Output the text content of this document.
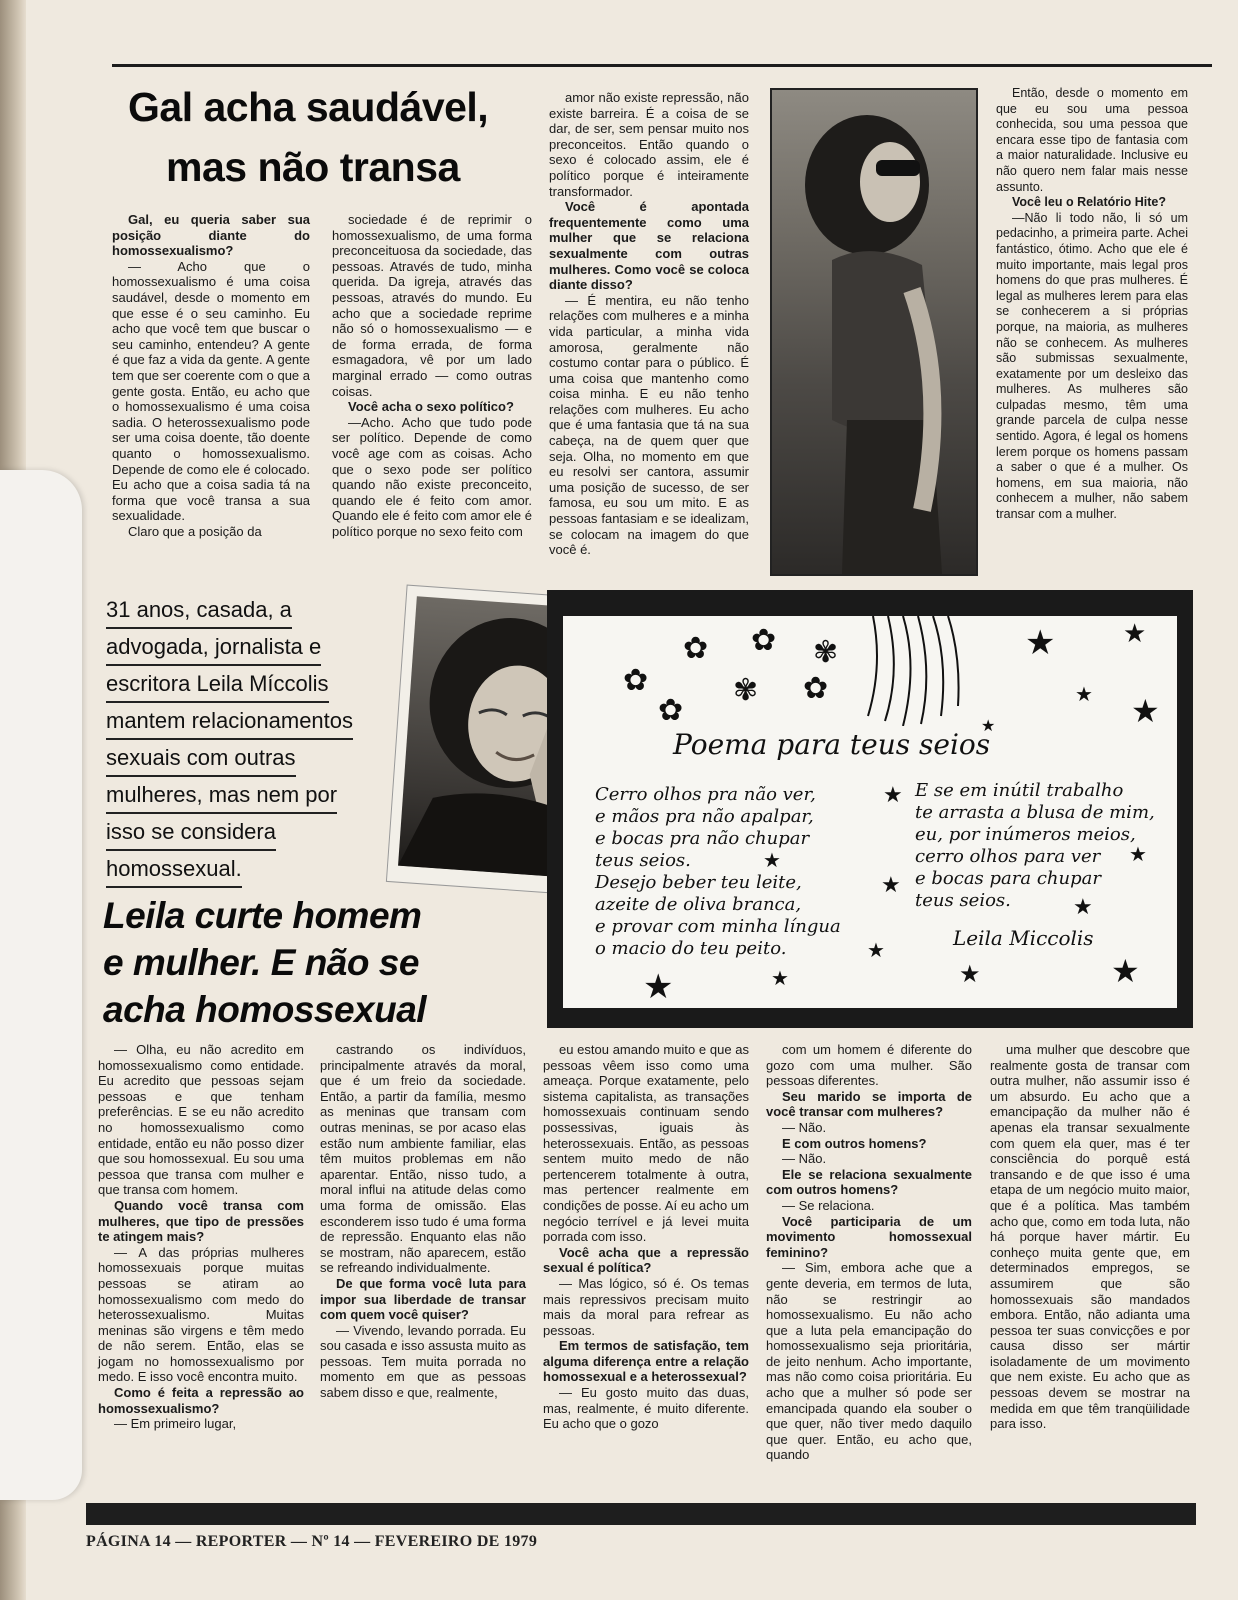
Gal acha saudável,
mas não transa

Gal, eu queria saber sua posição diante do homossexualismo?

— Acho que o homossexualismo é uma coisa saudável, desde o momento em que esse é o seu caminho. Eu acho que você tem que buscar o seu caminho, entendeu? A gente é que faz a vida da gente. A gente tem que ser coerente com o que a gente gosta. Então, eu acho que o homossexualismo é uma coisa sadia. O heterossexualismo pode ser uma coisa doente, tão doente quanto o homossexualismo. Depende de como ele é colocado. Eu acho que a coisa sadia tá na forma que você transa a sua sexualidade.

Claro que a posição da

sociedade é de reprimir o homossexualismo, de uma forma preconceituosa da sociedade, das pessoas. Através de tudo, minha querida. Da igreja, através das pessoas, através do mundo. Eu acho que a sociedade reprime não só o homossexualismo — e de forma errada, de forma esmagadora, vê por um lado marginal errado — como outras coisas.

Você acha o sexo político?

—Acho. Acho que tudo pode ser político. Depende de como você age com as coisas. Acho que o sexo pode ser político quando não existe preconceito, quando ele é feito com amor. Quando ele é feito com amor ele é político porque no sexo feito com

amor não existe repressão, não existe barreira. É a coisa de se dar, de ser, sem pensar muito nos preconceitos. Então quando o sexo é colocado assim, ele é político porque é inteiramente transformador.

Você é apontada frequentemente como uma mulher que se relaciona sexualmente com outras mulheres. Como você se coloca diante disso?

— É mentira, eu não tenho relações com mulheres e a minha vida particular, a minha vida amorosa, geralmente não costumo contar para o público. É uma coisa que mantenho como coisa minha. E eu não tenho relações com mulheres. Eu acho que é uma fantasia que tá na sua cabeça, na de quem quer que seja. Olha, no momento em que eu resolvi ser cantora, assumir uma posição de sucesso, de ser famosa, eu sou um mito. E as pessoas fantasiam e se idealizam, se colocam na imagem do que você é.

Então, desde o momento em que eu sou uma pessoa conhecida, sou uma pessoa que encara esse tipo de fantasia com a maior naturalidade. Inclusive eu não quero nem falar mais nesse assunto.

Você leu o Relatório Hite?

—Não li todo não, li só um pedacinho, a primeira parte. Achei fantástico, ótimo. Acho que ele é muito importante, mais legal pros homens do que pras mulheres. É legal as mulheres lerem para elas se conhecerem a si próprias porque, na maioria, as mulheres não se conhecem. As mulheres são submissas sexualmente, exatamente por um desleixo das mulheres. As mulheres são culpadas mesmo, têm uma grande parcela de culpa nesse sentido. Agora, é legal os homens lerem porque os homens passam a saber o que é a mulher. Os homens, em sua maioria, não conhecem a mulher, não sabem transar com a mulher.

31 anos, casada, a
advogada, jornalista e
escritora Leila Míccolis
mantem relacionamentos
sexuais com outras
mulheres, mas nem por
isso se considera
homossexual.
✿ ✿ ✾
✿	✾ ✿
✿
★	★
★ ★
★
★
★
★
★
★
★
★	★	★
★
Poema para teus seios
Cerro olhos pra não ver,
e mãos pra não apalpar,
e bocas pra não chupar
teus seios.
Desejo beber teu leite,
azeite de oliva branca,
e provar com minha língua
o macio do teu peito.
E se em inútil trabalho
te arrasta a blusa de mim,
eu, por inúmeros meios,
cerro olhos para ver
e bocas para chupar
teus seios.
Leila Miccolis
Leila curte homem
e mulher. E não se
acha homossexual

— Olha, eu não acredito em homossexualismo como entidade. Eu acredito que pessoas sejam pessoas e que tenham preferências. E se eu não acredito no homossexualismo como entidade, então eu não posso dizer que sou homossexual. Eu sou uma pessoa que transa com mulher e que transa com homem.

Quando você transa com mulheres, que tipo de pressões te atingem mais?

— A das próprias mulheres homossexuais porque muitas pessoas se atiram ao homossexualismo com medo do heterossexualismo. Muitas meninas são virgens e têm medo de não serem. Então, elas se jogam no homossexualismo por medo. E isso você encontra muito.

Como é feita a repressão ao homossexualismo?

— Em primeiro lugar,

castrando os indivíduos, principalmente através da moral, que é um freio da sociedade. Então, a partir da família, mesmo as meninas que transam com outras meninas, se por acaso elas estão num ambiente familiar, elas têm muitos problemas em não aparentar. Então, nisso tudo, a moral influi na atitude delas como uma forma de omissão. Elas esconderem isso tudo é uma forma de repressão. Enquanto elas não se mostram, não aparecem, estão se refreando individualmente.

De que forma você luta para impor sua liberdade de transar com quem você quiser?

— Vivendo, levando porrada. Eu sou casada e isso assusta muito as pessoas. Tem muita porrada no momento em que as pessoas sabem disso e que, realmente,

eu estou amando muito e que as pessoas vêem isso como uma ameaça. Porque exatamente, pelo sistema capitalista, as transações homossexuais continuam sendo possessivas, iguais às heterossexuais. Então, as pessoas sentem muito medo de não pertencerem totalmente à outra, mas pertencer realmente em condições de posse. Aí eu acho um negócio terrível e já levei muita porrada com isso.

Você acha que a repressão sexual é política?

— Mas lógico, só é. Os temas mais repressivos precisam muito mais da moral para refrear as pessoas.

Em termos de satisfação, tem alguma diferença entre a relação homossexual e a heterossexual?

— Eu gosto muito das duas, mas, realmente, é muito diferente. Eu acho que o gozo

com um homem é diferente do gozo com uma mulher. São pessoas diferentes.

Seu marido se importa de você transar com mulheres?

— Não.

E com outros homens?

— Não.

Ele se relaciona sexualmente com outros homens?

— Se relaciona.

Você participaria de um movimento homossexual feminino?

— Sim, embora ache que a gente deveria, em termos de luta, não se restringir ao homossexualismo. Eu não acho que a luta pela emancipação do homossexualismo seja prioritária, de jeito nenhum. Acho importante, mas não como coisa prioritária. Eu acho que a mulher só pode ser emancipada quando ela souber o que quer, não tiver medo daquilo que quer. Então, eu acho que, quando

uma mulher que descobre que realmente gosta de transar com outra mulher, não assumir isso é um absurdo. Eu acho que a emancipação da mulher não é apenas ela transar sexualmente com quem ela quer, mas é ter consciência do porquê está transando e de que isso é uma etapa de um negócio muito maior, que é a política. Mas também acho que, como em toda luta, não há porque haver mártir. Eu conheço muita gente que, em determinados empregos, se assumirem que são homossexuais são mandados embora. Então, não adianta uma pessoa ter suas convicções e por causa disso ser mártir isoladamente de um movimento que nem existe. Eu acho que as pessoas devem se mostrar na medida em que têm tranqüilidade para isso.

PÁGINA 14 — REPORTER — Nº 14 — FEVEREIRO DE 1979
